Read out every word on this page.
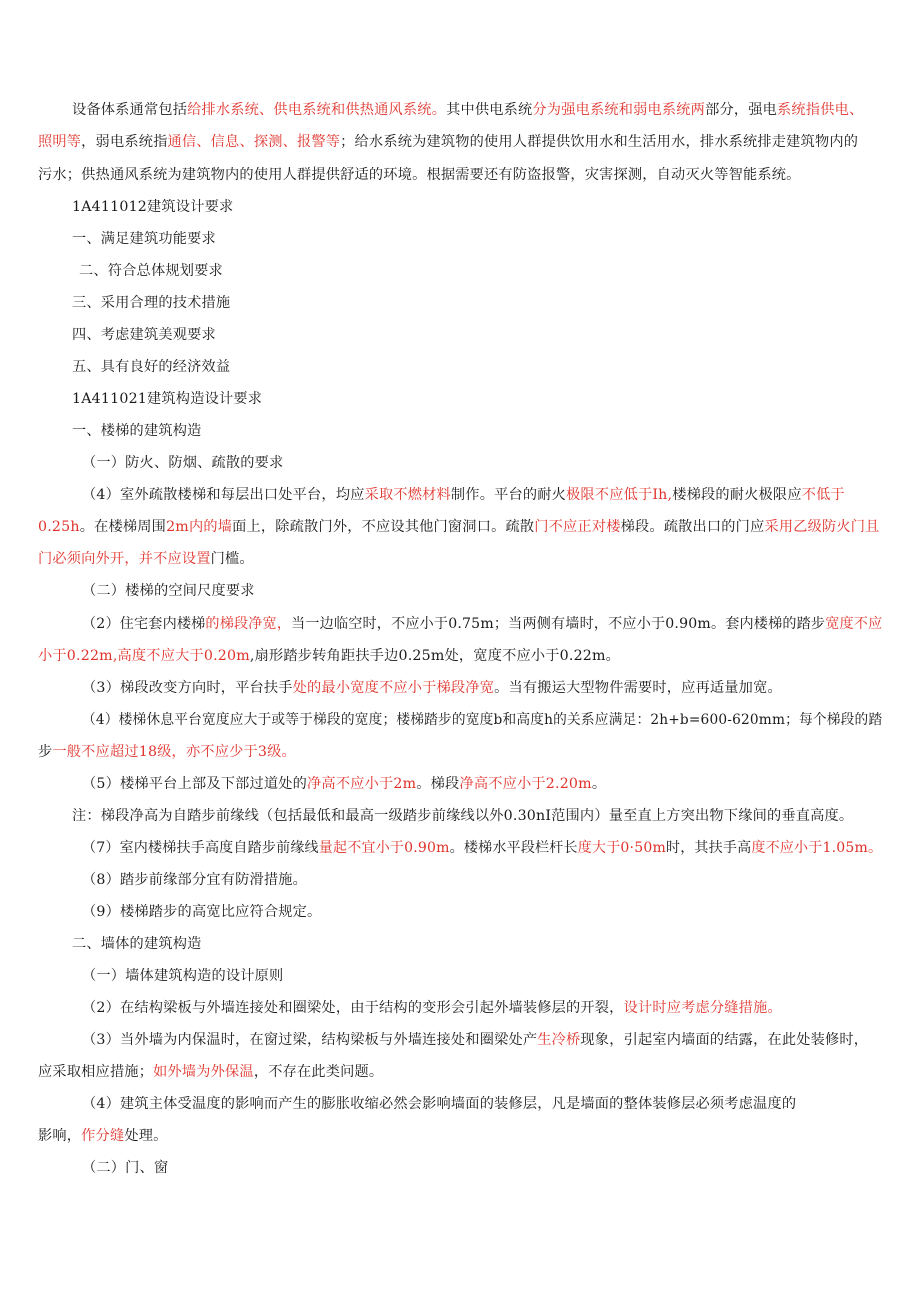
设备体系通常包括给排水系统、供电系统和供热通风系统。其中供电系统分为强电系统和弱电系统两部分，强电系统指供电、
照明等，弱电系统指通信、信息、探测、报警等；给水系统为建筑物的使用人群提供饮用水和生活用水，排水系统排走建筑物内的
污水；供热通风系统为建筑物内的使用人群提供舒适的环境。根据需要还有防盗报警，灾害探测，自动灭火等智能系统。
1A411012建筑设计要求
一、满足建筑功能要求
二、符合总体规划要求
三、采用合理的技术措施
四、考虑建筑美观要求
五、具有良好的经济效益
1A411021建筑构造设计要求
一、楼梯的建筑构造
（一）防火、防烟、疏散的要求
（4）室外疏散楼梯和每层出口处平台，均应采取不燃材料制作。平台的耐火极限不应低于Ih,楼梯段的耐火极限应不低于
0.25h。在楼梯周围2m内的墙面上，除疏散门外，不应设其他门窗洞口。疏散门不应正对楼梯段。疏散出口的门应采用乙级防火门且
门必须向外开，并不应设置门槛。
（二）楼梯的空间尺度要求
（2）住宅套内楼梯的梯段净宽，当一边临空时，不应小于0.75m；当两侧有墙时，不应小于0.90m。套内楼梯的踏步宽度不应
小于0.22m,高度不应大于0.20m,扇形踏步转角距扶手边0.25m处，宽度不应小于0.22m。
（3）梯段改变方向时，平台扶手处的最小宽度不应小于梯段净宽。当有搬运大型物件需要时，应再适量加宽。
（4）楼梯休息平台宽度应大于或等于梯段的宽度；楼梯踏步的宽度b和高度h的关系应满足：2h+b=600-620mm；每个梯段的踏
步一般不应超过18级，亦不应少于3级。
（5）楼梯平台上部及下部过道处的净高不应小于2m。梯段净高不应小于2.20m。
注：梯段净高为自踏步前缘线（包括最低和最高一级踏步前缘线以外0.30nI范围内）量至直上方突出物下缘间的垂直高度。
（7）室内楼梯扶手高度自踏步前缘线量起不宜小于0.90m。楼梯水平段栏杆长度大于0·50m时，其扶手高度不应小于1.05m。
（8）踏步前缘部分宜有防滑措施。
（9）楼梯踏步的高宽比应符合规定。
二、墙体的建筑构造
（一）墙体建筑构造的设计原则
（2）在结构梁板与外墙连接处和圈梁处，由于结构的变形会引起外墙装修层的开裂，设计时应考虑分缝措施。
（3）当外墙为内保温时，在窗过梁，结构梁板与外墙连接处和圈梁处产生冷桥现象，引起室内墙面的结露，在此处装修时，
应采取相应措施；如外墙为外保温，不存在此类问题。
（4）建筑主体受温度的影响而产生的膨胀收缩必然会影响墙面的装修层，凡是墙面的整体装修层必须考虑温度的
影响，作分缝处理。
（二）门、窗
